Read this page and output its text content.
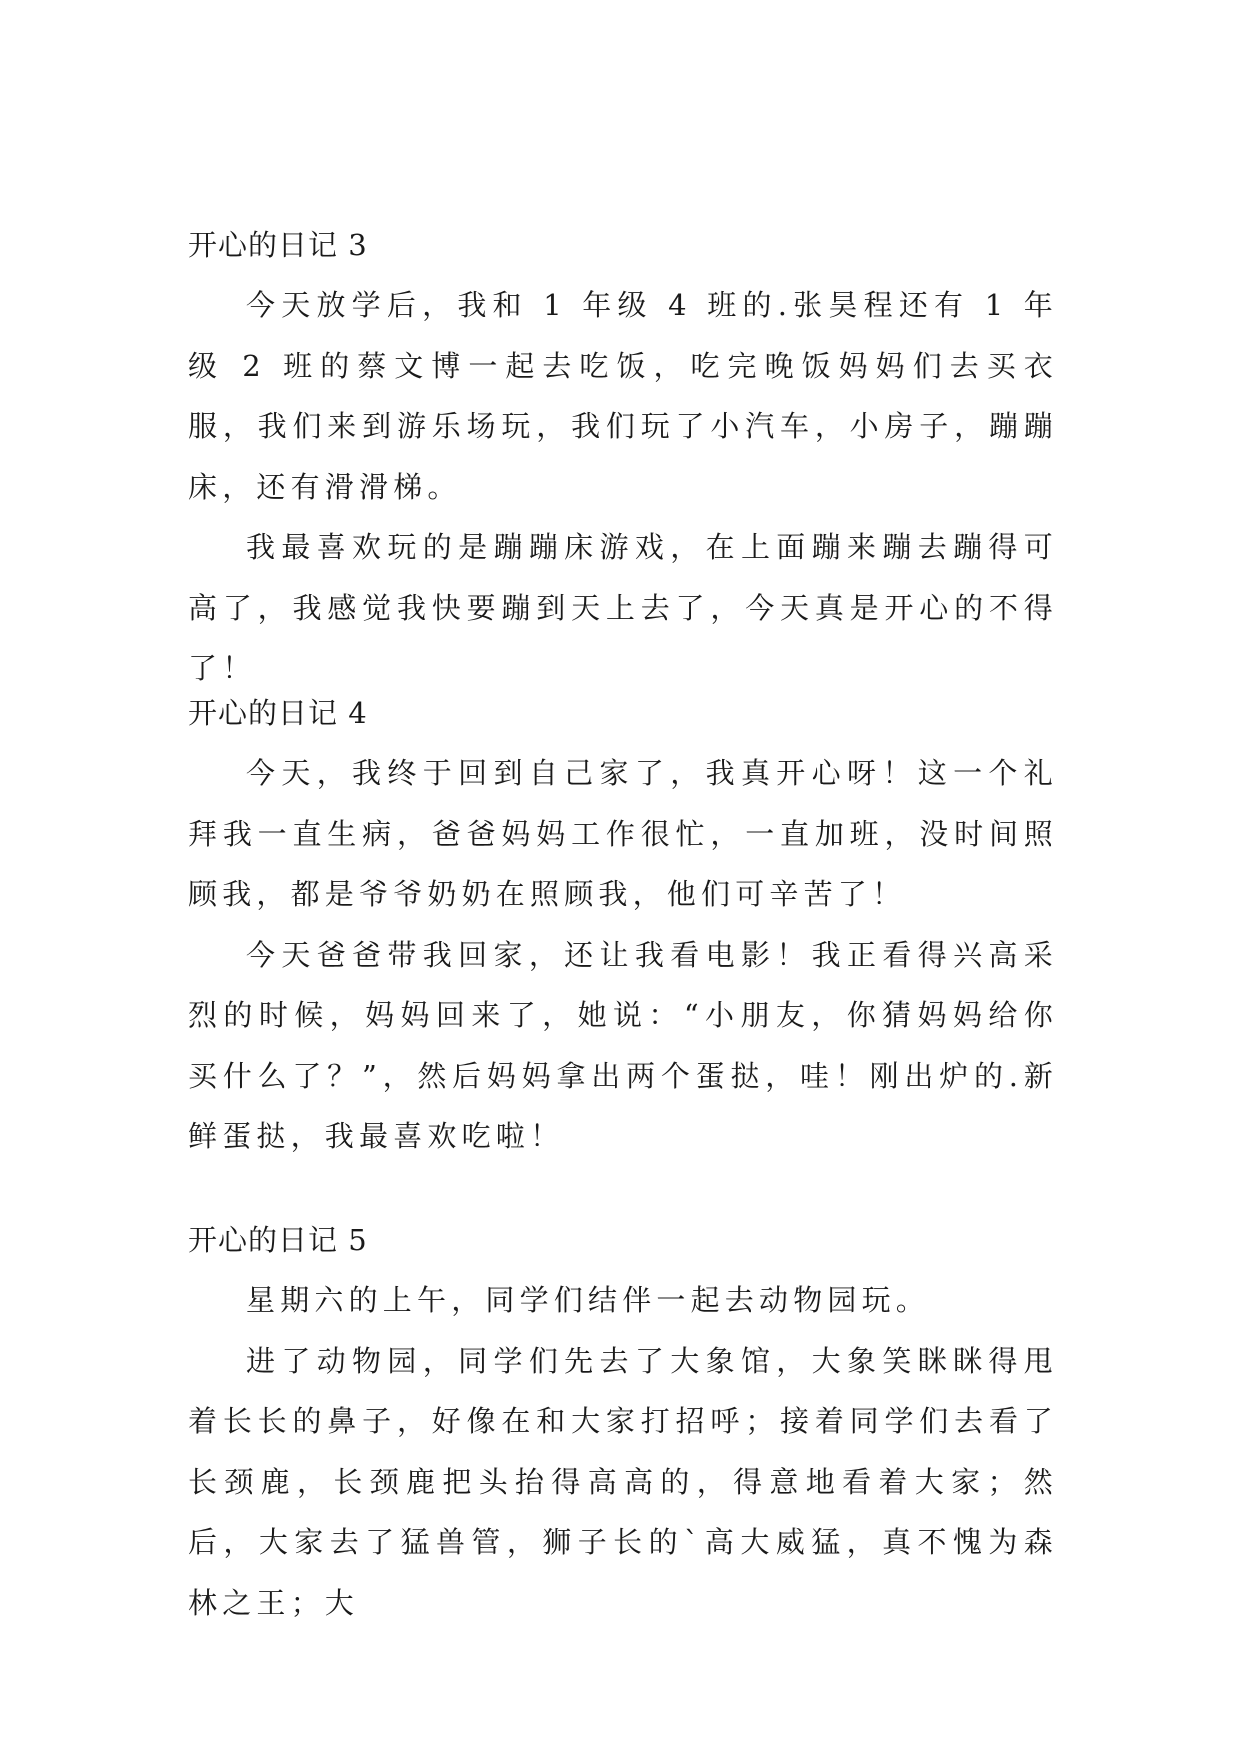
开心的日记 3

今天放学后，我和 1 年级 4 班的.张昊程还有 1 年级 2 班的蔡文博一起去吃饭，吃完晚饭妈妈们去买衣服，我们来到游乐场玩，我们玩了小汽车，小房子，蹦蹦床，还有滑滑梯。

我最喜欢玩的是蹦蹦床游戏，在上面蹦来蹦去蹦得可高了，我感觉我快要蹦到天上去了，今天真是开心的不得了！

开心的日记 4

今天，我终于回到自己家了，我真开心呀！这一个礼拜我一直生病，爸爸妈妈工作很忙，一直加班，没时间照顾我，都是爷爷奶奶在照顾我，他们可辛苦了！

今天爸爸带我回家，还让我看电影！我正看得兴高采烈的时候，妈妈回来了，她说：“小朋友，你猜妈妈给你买什么了？”，然后妈妈拿出两个蛋挞，哇！刚出炉的.新鲜蛋挞，我最喜欢吃啦！

开心的日记 5

星期六的上午，同学们结伴一起去动物园玩。

进了动物园，同学们先去了大象馆，大象笑眯眯得甩着长长的鼻子，好像在和大家打招呼；接着同学们去看了长颈鹿，长颈鹿把头抬得高高的，得意地看着大家；然后，大家去了猛兽管，狮子长的`高大威猛，真不愧为森林之王；大
